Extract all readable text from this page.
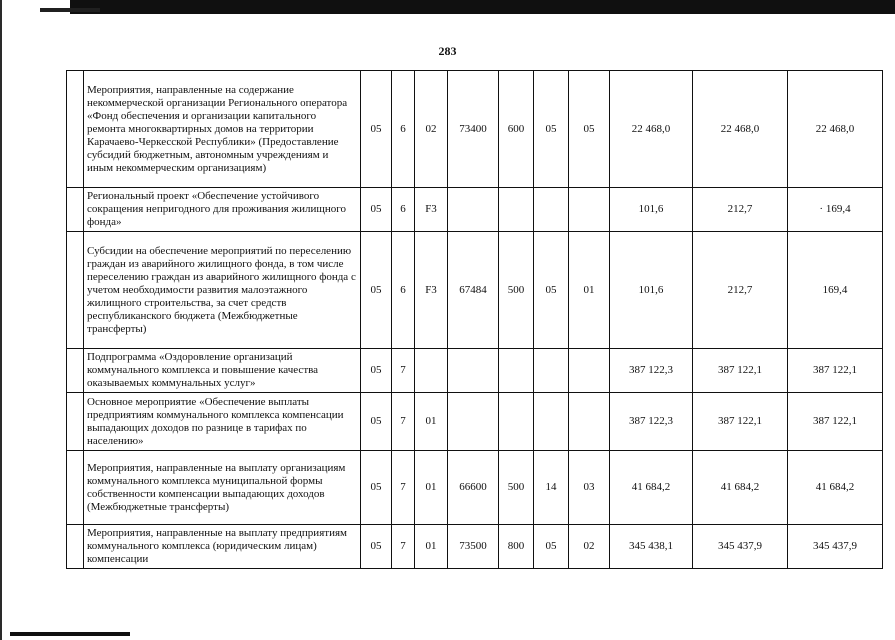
283
	Мероприятия, направленные на содержание некоммерческой организации Регионального оператора «Фонд обеспечения и организации капитального ремонта многоквартирных домов на территории Карачаево-Черкесской Республики» (Предоставление субсидий бюджетным, автономным учреждениям и иным некоммерческим организациям)	05	6	02	73400	600	05	05	22 468,0	22 468,0	22 468,0
	Региональный проект «Обеспечение устойчивого сокращения непригодного для проживания жилищного фонда»	05	6	F3					101,6	212,7	· 169,4
	Субсидии на обеспечение мероприятий по переселению граждан из аварийного жилищного фонда, в том числе переселению граждан из аварийного жилищного фонда с учетом необходимости развития малоэтажного жилищного строительства, за счет средств республиканского бюджета (Межбюджетные трансферты)	05	6	F3	67484	500	05	01	101,6	212,7	169,4
	Подпрограмма «Оздоровление организаций коммунального комплекса и повышение качества оказываемых коммунальных услуг»	05	7						387 122,3	387 122,1	387 122,1
	Основное мероприятие «Обеспечение выплаты предприятиям коммунального комплекса компенсации выпадающих доходов по разнице в тарифах по населению»	05	7	01					387 122,3	387 122,1	387 122,1
	Мероприятия, направленные на выплату организациям коммунального комплекса муниципальной формы собственности компенсации выпадающих доходов (Межбюджетные трансферты)	05	7	01	66600	500	14	03	41 684,2	41 684,2	41 684,2
	Мероприятия, направленные на выплату предприятиям коммунального комплекса (юридическим лицам) компенсации	05	7	01	73500	800	05	02	345 438,1	345 437,9	345 437,9
